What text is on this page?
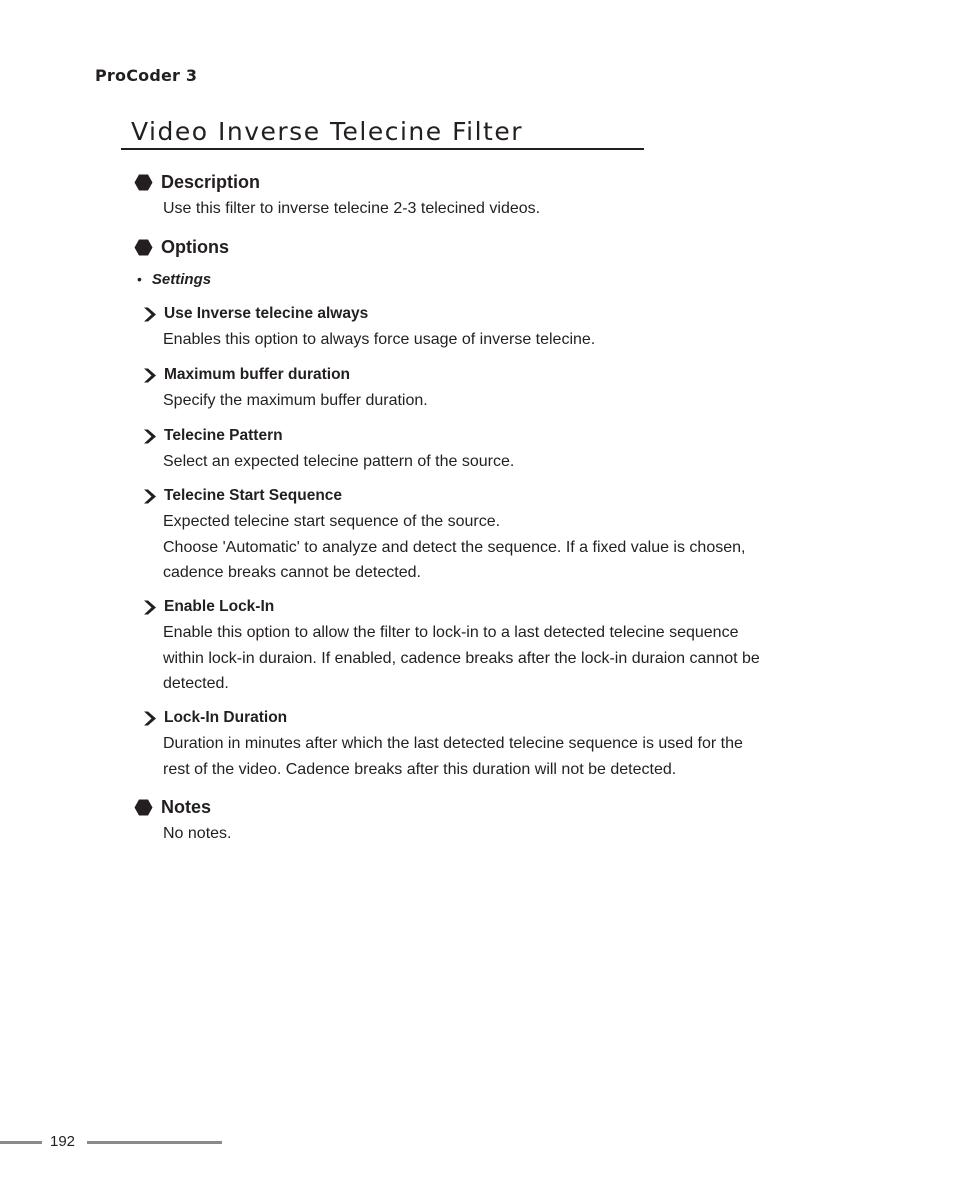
ProCoder 3
Video Inverse Telecine Filter
Description
Use this filter to inverse telecine 2-3 telecined videos.
Options
• Settings
Use Inverse telecine always
Enables this option to always force usage of inverse telecine.
Maximum buffer duration
Specify the maximum buffer duration.
Telecine Pattern
Select an expected telecine pattern of the source.
Telecine Start Sequence
Expected telecine start sequence of the source.
Choose 'Automatic' to analyze and detect the sequence. If a fixed value is chosen,
cadence breaks cannot be detected.
Enable Lock-In
Enable this option to allow the filter to lock-in to a last detected telecine sequence
within lock-in duraion. If enabled, cadence breaks after the lock-in duraion cannot be
detected.
Lock-In Duration
Duration in minutes after which the last detected telecine sequence is used for the
rest of the video. Cadence breaks after this duration will not be detected.
Notes
No notes.
192
